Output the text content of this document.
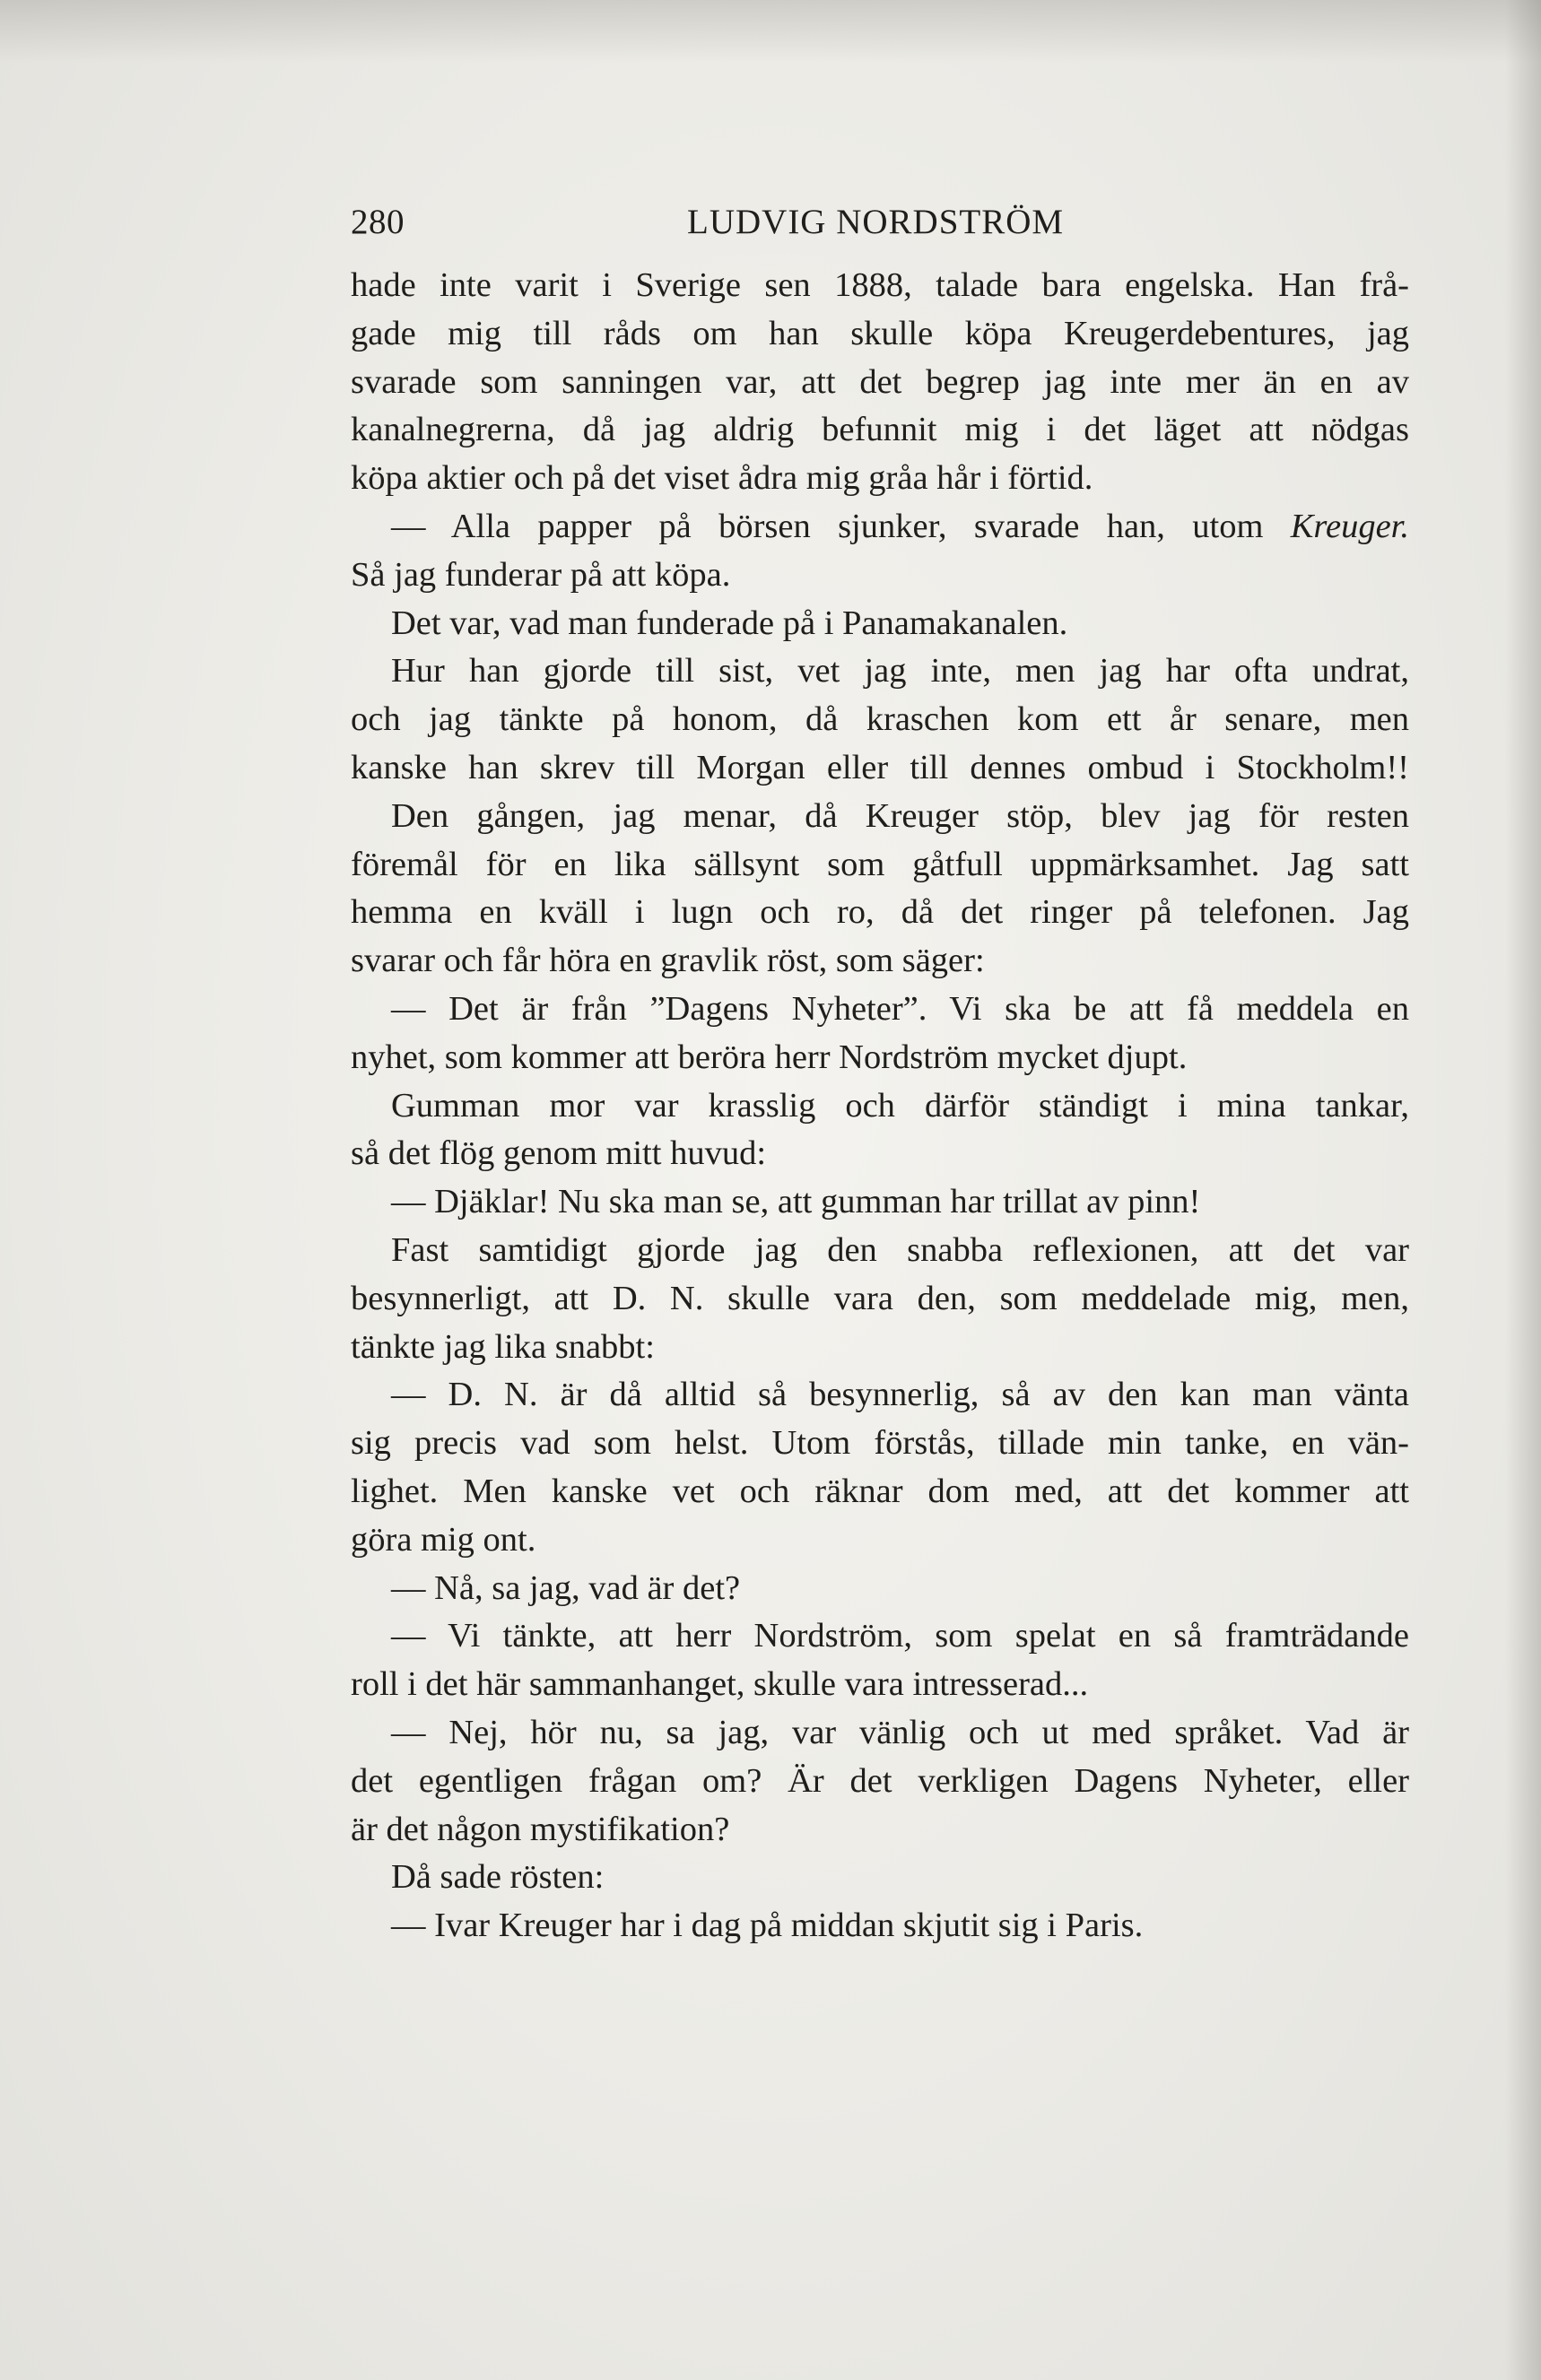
280	LUDVIG NORDSTRÖM
hade inte varit i Sverige sen 1888, talade bara engelska. Han frå-
gade mig till råds om han skulle köpa Kreugerdebentures, jag
svarade som sanningen var, att det begrep jag inte mer än en av
kanalnegrerna, då jag aldrig befunnit mig i det läget att nödgas
köpa aktier och på det viset ådra mig gråa hår i förtid.
— Alla papper på börsen sjunker, svarade han, utom Kreuger.
Så jag funderar på att köpa.
Det var, vad man funderade på i Panamakanalen.
Hur han gjorde till sist, vet jag inte, men jag har ofta undrat,
och jag tänkte på honom, då kraschen kom ett år senare, men
kanske han skrev till Morgan eller till dennes ombud i Stockholm!!
Den gången, jag menar, då Kreuger stöp, blev jag för resten
föremål för en lika sällsynt som gåtfull uppmärksamhet. Jag satt
hemma en kväll i lugn och ro, då det ringer på telefonen. Jag
svarar och får höra en gravlik röst, som säger:
— Det är från ”Dagens Nyheter”. Vi ska be att få meddela en
nyhet, som kommer att beröra herr Nordström mycket djupt.
Gumman mor var krasslig och därför ständigt i mina tankar,
så det flög genom mitt huvud:
— Djäklar! Nu ska man se, att gumman har trillat av pinn!
Fast samtidigt gjorde jag den snabba reflexionen, att det var
besynnerligt, att D. N. skulle vara den, som meddelade mig, men,
tänkte jag lika snabbt:
— D. N. är då alltid så besynnerlig, så av den kan man vänta
sig precis vad som helst. Utom förstås, tillade min tanke, en vän-
lighet. Men kanske vet och räknar dom med, att det kommer att
göra mig ont.
— Nå, sa jag, vad är det?
— Vi tänkte, att herr Nordström, som spelat en så framträdande
roll i det här sammanhanget, skulle vara intresserad...
— Nej, hör nu, sa jag, var vänlig och ut med språket. Vad är
det egentligen frågan om? Är det verkligen Dagens Nyheter, eller
är det någon mystifikation?
Då sade rösten:
— Ivar Kreuger har i dag på middan skjutit sig i Paris.
